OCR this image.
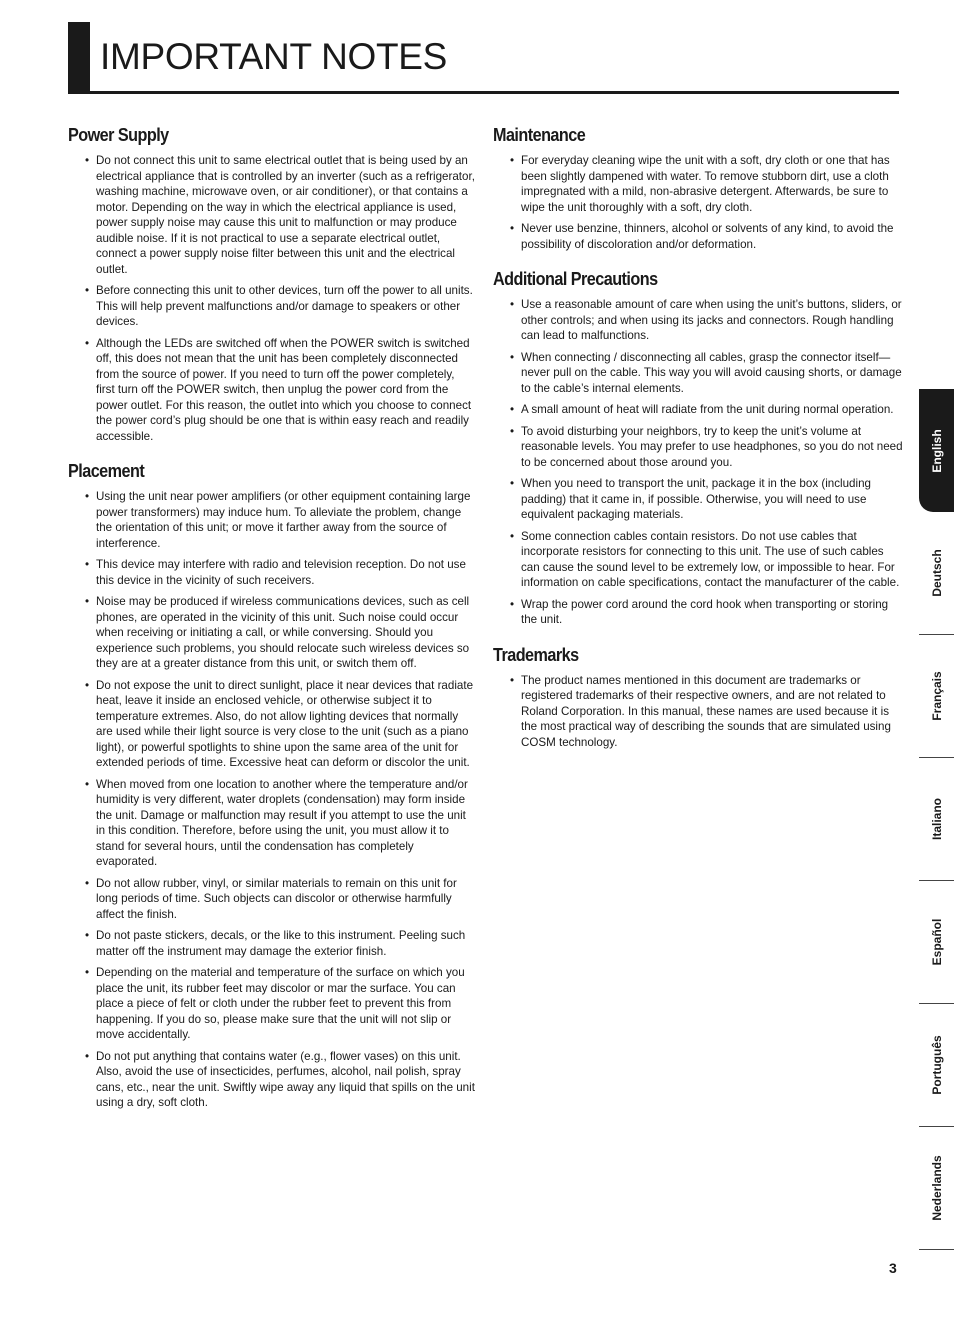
IMPORTANT NOTES
Power Supply
• Do not connect this unit to same electrical outlet that is being used by an electrical appliance that is controlled by an inverter (such as a refrigerator, washing machine, microwave oven, or air conditioner), or that contains a motor. Depending on the way in which the electrical appliance is used, power supply noise may cause this unit to malfunction or may produce audible noise. If it is not practical to use a separate electrical outlet, connect a power supply noise filter between this unit and the electrical outlet.
• Before connecting this unit to other devices, turn off the power to all units. This will help prevent malfunctions and/or damage to speakers or other devices.
• Although the LEDs are switched off when the POWER switch is switched off, this does not mean that the unit has been completely disconnected from the source of power. If you need to turn off the power completely, first turn off the POWER switch, then unplug the power cord from the power outlet. For this reason, the outlet into which you choose to connect the power cord’s plug should be one that is within easy reach and readily accessible.
Placement
• Using the unit near power amplifiers (or other equipment containing large power transformers) may induce hum. To alleviate the problem, change the orientation of this unit; or move it farther away from the source of interference.
• This device may interfere with radio and television reception. Do not use this device in the vicinity of such receivers.
• Noise may be produced if wireless communications devices, such as cell phones, are operated in the vicinity of this unit. Such noise could occur when receiving or initiating a call, or while conversing. Should you experience such problems, you should relocate such wireless devices so they are at a greater distance from this unit, or switch them off.
• Do not expose the unit to direct sunlight, place it near devices that radiate heat, leave it inside an enclosed vehicle, or otherwise subject it to temperature extremes. Also, do not allow lighting devices that normally are used while their light source is very close to the unit (such as a piano light), or powerful spotlights to shine upon the same area of the unit for extended periods of time. Excessive heat can deform or discolor the unit.
• When moved from one location to another where the temperature and/or humidity is very different, water droplets (condensation) may form inside the unit. Damage or malfunction may result if you attempt to use the unit in this condition. Therefore, before using the unit, you must allow it to stand for several hours, until the condensation has completely evaporated.
• Do not allow rubber, vinyl, or similar materials to remain on this unit for long periods of time. Such objects can discolor or otherwise harmfully affect the finish.
• Do not paste stickers, decals, or the like to this instrument. Peeling such matter off the instrument may damage the exterior finish.
• Depending on the material and temperature of the surface on which you place the unit, its rubber feet may discolor or mar the surface. You can place a piece of felt or cloth under the rubber feet to prevent this from happening. If you do so, please make sure that the unit will not slip or move accidentally.
• Do not put anything that contains water (e.g., flower vases) on this unit. Also, avoid the use of insecticides, perfumes, alcohol, nail polish, spray cans, etc., near the unit. Swiftly wipe away any liquid that spills on the unit using a dry, soft cloth.
Maintenance
• For everyday cleaning wipe the unit with a soft, dry cloth or one that has been slightly dampened with water. To remove stubborn dirt, use a cloth impregnated with a mild, non-abrasive detergent. Afterwards, be sure to wipe the unit thoroughly with a soft, dry cloth.
• Never use benzine, thinners, alcohol or solvents of any kind, to avoid the possibility of discoloration and/or deformation.
Additional Precautions
• Use a reasonable amount of care when using the unit’s buttons, sliders, or other controls; and when using its jacks and connectors. Rough handling can lead to malfunctions.
• When connecting / disconnecting all cables, grasp the connector itself—never pull on the cable. This way you will avoid causing shorts, or damage to the cable’s internal elements.
• A small amount of heat will radiate from the unit during normal operation.
• To avoid disturbing your neighbors, try to keep the unit’s volume at reasonable levels. You may prefer to use headphones, so you do not need to be concerned about those around you.
• When you need to transport the unit, package it in the box (including padding) that it came in, if possible. Otherwise, you will need to use equivalent packaging materials.
• Some connection cables contain resistors. Do not use cables that incorporate resistors for connecting to this unit. The use of such cables can cause the sound level to be extremely low, or impossible to hear. For information on cable specifications, contact the manufacturer of the cable.
• Wrap the power cord around the cord hook when transporting or storing the unit.
Trademarks
• The product names mentioned in this document are trademarks or registered trademarks of their respective owners, and are not related to Roland Corporation. In this manual, these names are used because it is the most practical way of describing the sounds that are simulated using COSM technology.
English
Deutsch
Français
Italiano
Español
Português
Nederlands
3
